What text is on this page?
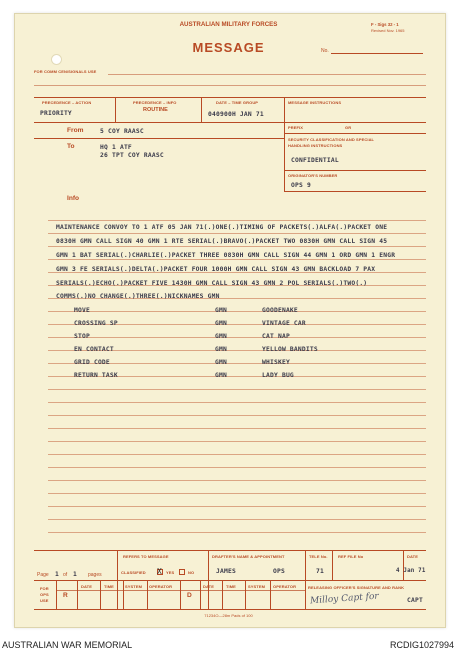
AUSTRALIAN MILITARY FORCES	F - Sigs 32 - 1
Revised Nov. 1965
MESSAGE	No.
FOR COMM CEN/SIGNALS USE
PRECEDENCE – ACTION
PRIORITY
PRECEDENCE – INFO
ROUTINE
DATE – TIME GROUP
040900H JAN 71
MESSAGE INSTRUCTIONS
PREFIX	GR
SECURITY CLASSIFICATION AND SPECIAL
HANDLING INSTRUCTIONS
CONFIDENTIAL
ORIGINATOR'S NUMBER
OPS 9
From	5 COY RAASC
To	HQ 1 ATF
26 TPT COY RAASC
Info
MAINTENANCE CONVOY TO 1 ATF 05 JAN 71(.)ONE(.)TIMING OF PACKETS(.)ALFA(.)PACKET ONE
0830H GMN CALL SIGN 40 GMN 1 RTE SERIAL(.)BRAVO(.)PACKET TWO 0830H GMN CALL SIGN 45
GMN 1 BAT SERIAL(.)CHARLIE(.)PACKET THREE 0830H GMN CALL SIGN 44 GMN 1 ORD GMN 1 ENGR
GMN 3 FE SERIALS(.)DELTA(.)PACKET FOUR 1000H GMN CALL SIGN 43 GMN BACKLOAD 7 PAX
SERIALS(.)ECHO(.)PACKET FIVE 1430H GMN CALL SIGN 43 GMN 2 POL SERIALS(.)TWO(.)
COMMS(.)NO CHANGE(.)THREE(.)NICKNAMES GMN
MOVE	GMN	GOODENAKE
CROSSING SP	GMN	VINTAGE CAR
STOP	GMN	CAT NAP
EN CONTACT	GMN	YELLOW BANDITS
GRID CODE	GMN	WHISKEY
RETURN TASK	GMN	LADY BUG
Page 1 of 1 pages
REFERS TO MESSAGE
CLASSIFIED X YES	NO
DRAFTER'S NAME & APPOINTMENT
JAMES	OPS
TELE No.
71
REF FILE No	DATE
4 Jan 71
FOR
OPS
USE
R
DATE	TIME	SYSTEM OPERATOR
D
DATE	TIME	SYSTEM OPERATOR	RELEASING OFFICER'S SIGNATURE AND RANK
Milloy Capt for	CAPT
71234O—28m Pads of 100
AUSTRALIAN WAR MEMORIAL	RCDIG1027994
